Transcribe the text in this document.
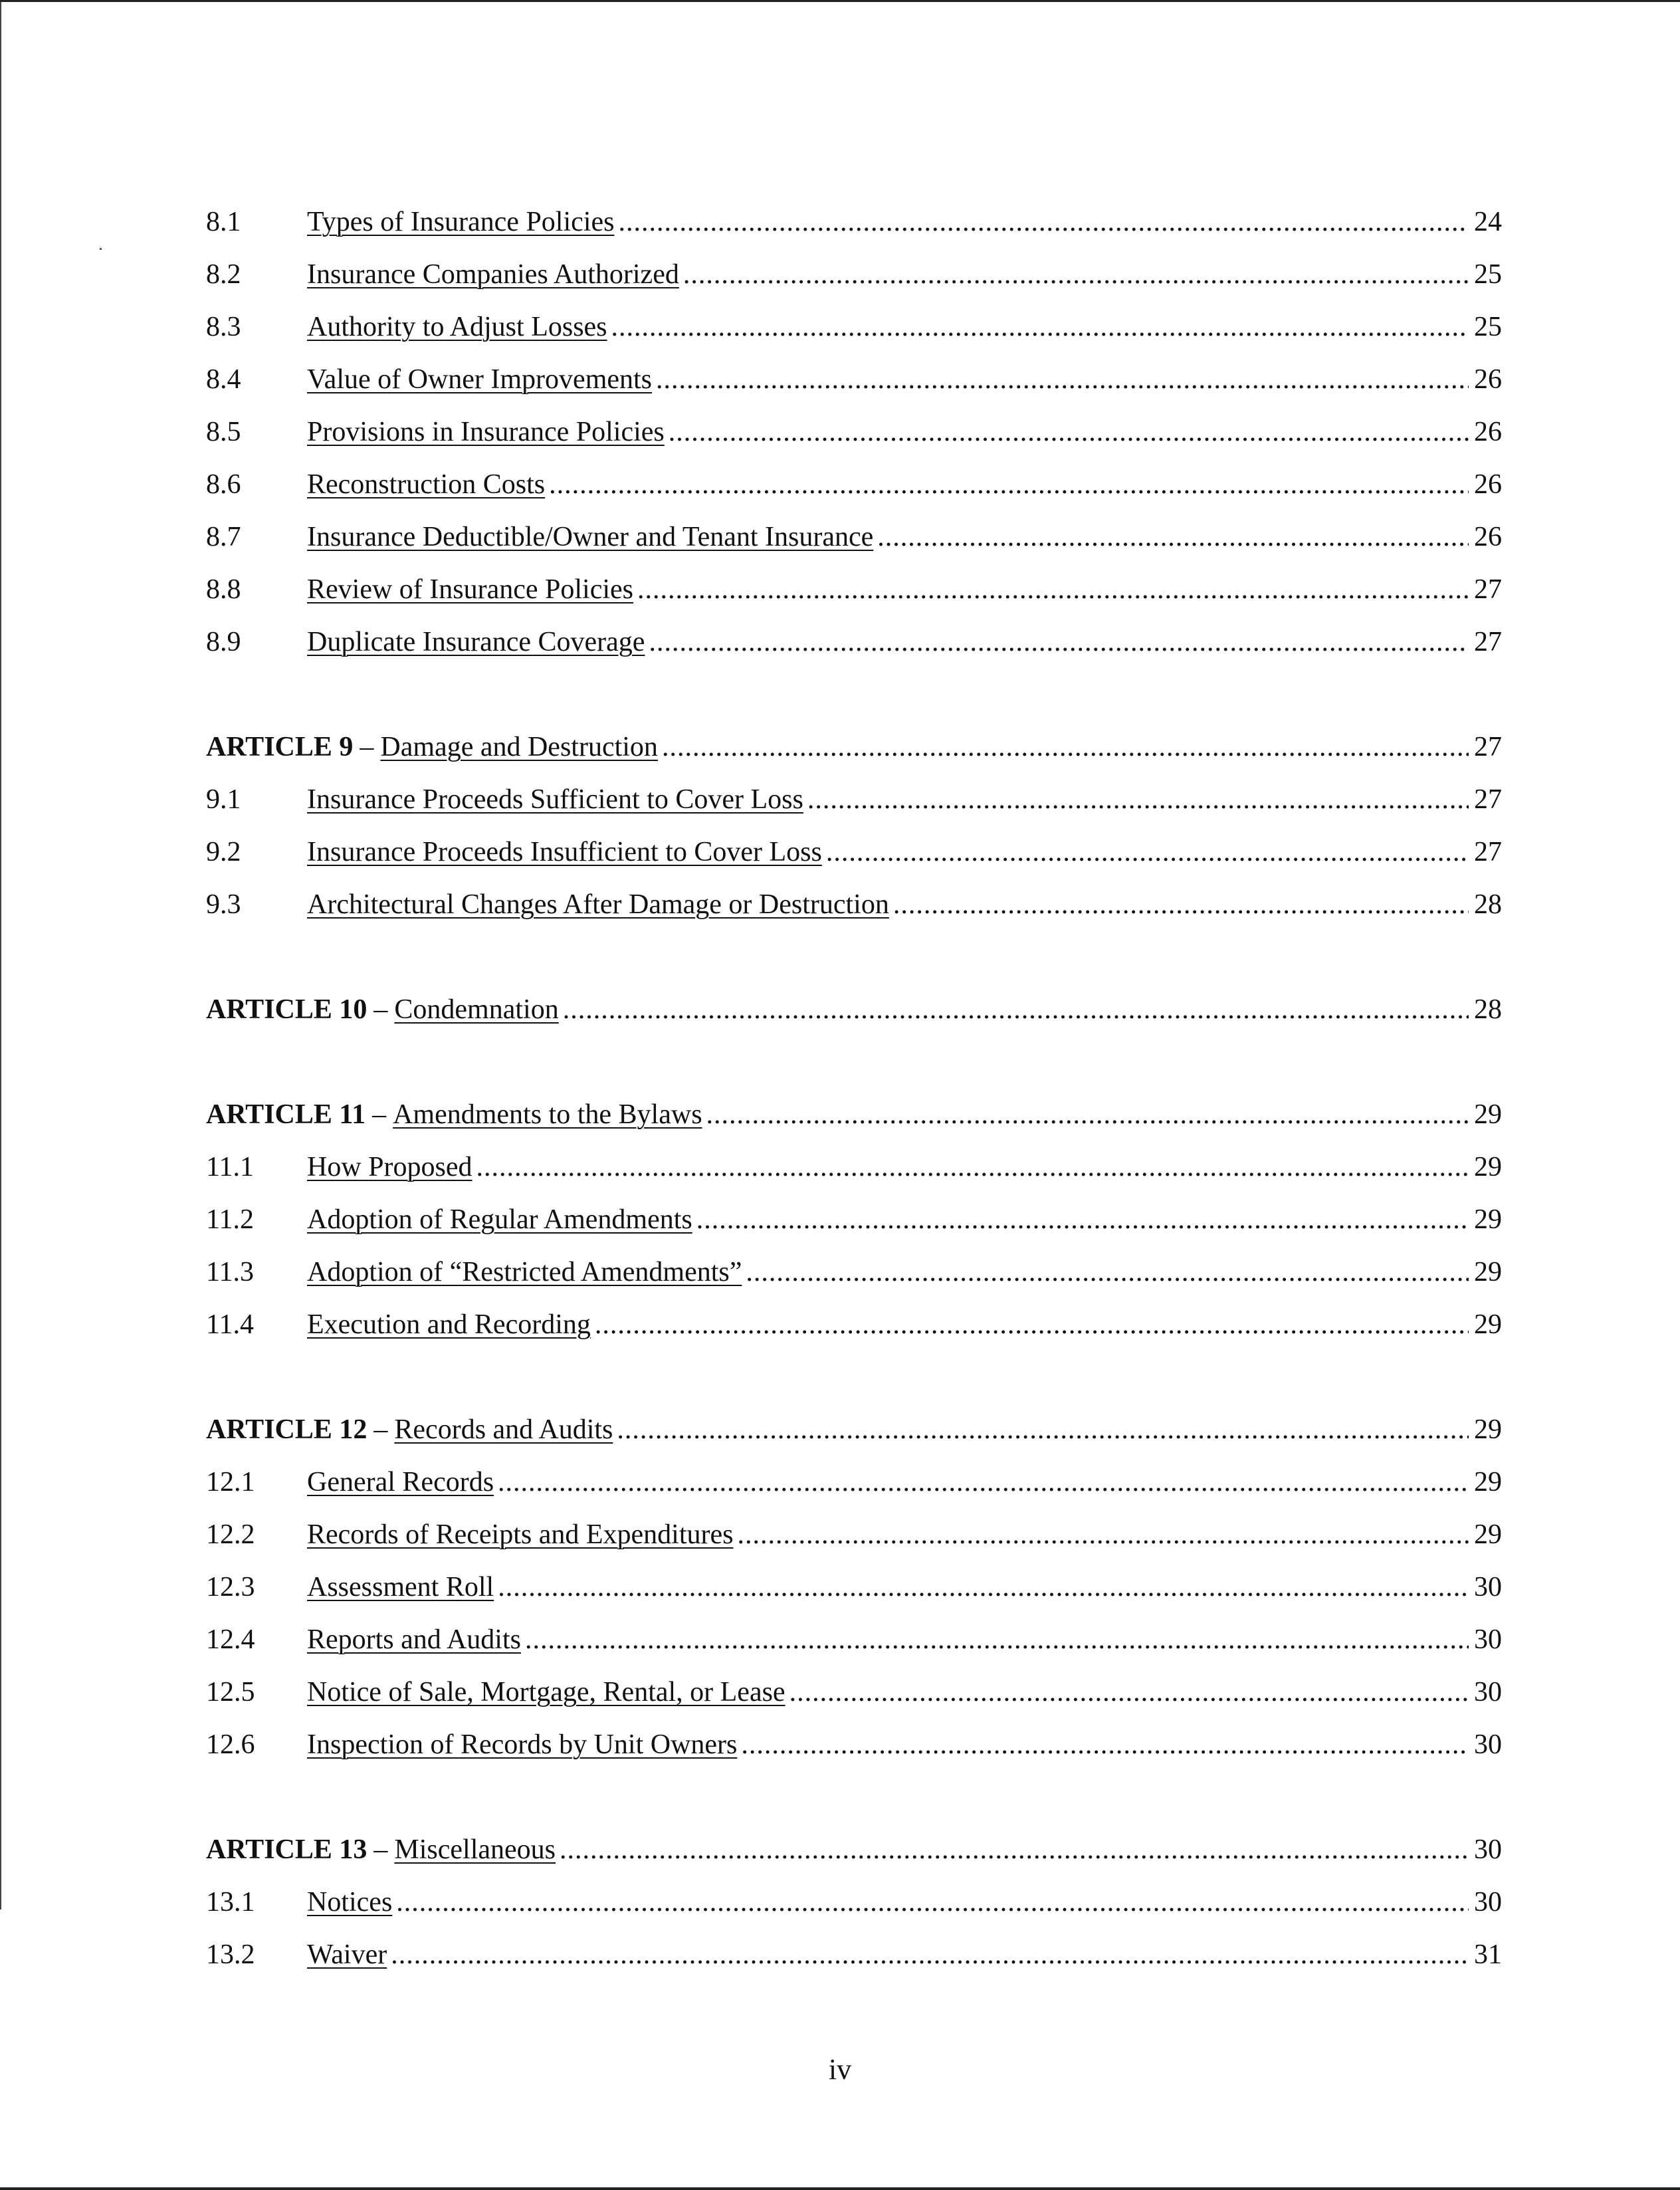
8.1	Types of Insurance Policies .....	24
8.2	Insurance Companies Authorized .....	25
8.3	Authority to Adjust Losses .....	25
8.4	Value of Owner Improvements .....	26
8.5	Provisions in Insurance Policies .....	26
8.6	Reconstruction Costs .....	26
8.7	Insurance Deductible/Owner and Tenant Insurance .....	26
8.8	Review of Insurance Policies .....	27
8.9	Duplicate Insurance Coverage .....	27
ARTICLE 9 – Damage and Destruction .....	27
9.1	Insurance Proceeds Sufficient to Cover Loss .....	27
9.2	Insurance Proceeds Insufficient to Cover Loss .....	27
9.3	Architectural Changes After Damage or Destruction .....	28
ARTICLE 10 – Condemnation .....	28
ARTICLE 11 – Amendments to the Bylaws .....	29
11.1	How Proposed .....	29
11.2	Adoption of Regular Amendments .....	29
11.3	Adoption of “Restricted Amendments” .....	29
11.4	Execution and Recording .....	29
ARTICLE 12 – Records and Audits .....	29
12.1	General Records .....	29
12.2	Records of Receipts and Expenditures .....	29
12.3	Assessment Roll .....	30
12.4	Reports and Audits .....	30
12.5	Notice of Sale, Mortgage, Rental, or Lease .....	30
12.6	Inspection of Records by Unit Owners .....	30
ARTICLE 13 – Miscellaneous .....	30
13.1	Notices .....	30
13.2	Waiver .....	31
iv
